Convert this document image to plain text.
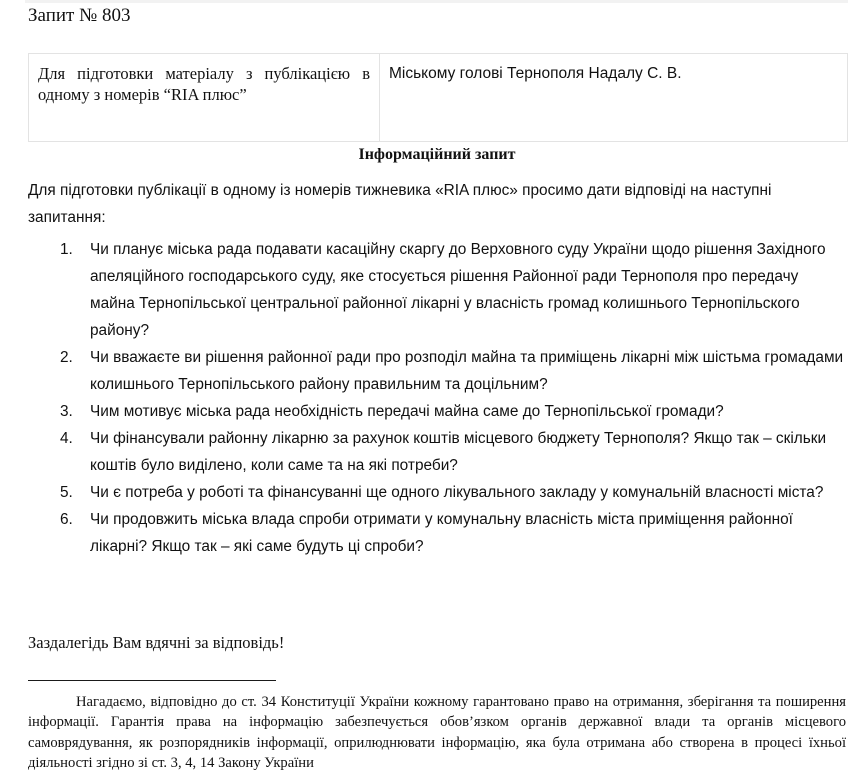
Запит № 803
Для підготовки матеріалу з публікацією в одному з номерів “RIA плюс”	Міському голові Тернополя Надалу С. В.
Інформаційний запит
Для підготовки публікації в одному із номерів тижневика «RIA плюс» просимо дати відповіді на наступні запитання:
1.	Чи планує міська рада подавати касаційну скаргу до Верховного суду України щодо рішення Західного апеляційного господарського суду, яке стосується рішення Районної ради Тернополя про передачу майна Тернопільської центральної районної лікарні у власність громад колишнього Тернопільского району?
2.	Чи вважаєте ви рішення районної ради про розподіл майна та приміщень лікарні між шістьма громадами колишнього Тернопільського району правильним та доцільним?
3.	Чим мотивує міська рада необхідність передачі майна саме до Тернопільської громади?
4.	Чи фінансували районну лікарню за рахунок коштів місцевого бюджету Тернополя? Якщо так – скільки коштів було виділено, коли саме та на які потреби?
5.	Чи є потреба у роботі та фінансуванні ще одного лікувального закладу у комунальній власності міста?
6.	Чи продовжить міська влада спроби отримати у комунальну власність міста приміщення районної лікарні? Якщо так – які саме будуть ці спроби?
Заздалегідь Вам вдячні за відповідь!
Нагадаємо, відповідно до ст. 34 Конституції України кожному гарантовано право на отримання, зберігання та поширення інформації. Гарантія права на інформацію забезпечується обов’язком органів державної влади та органів місцевого самоврядування, як розпорядників інформації, оприлюднювати інформацію, яка була отримана або створена в процесі їхньої діяльності згідно зі ст. 3, 4, 14 Закону України
